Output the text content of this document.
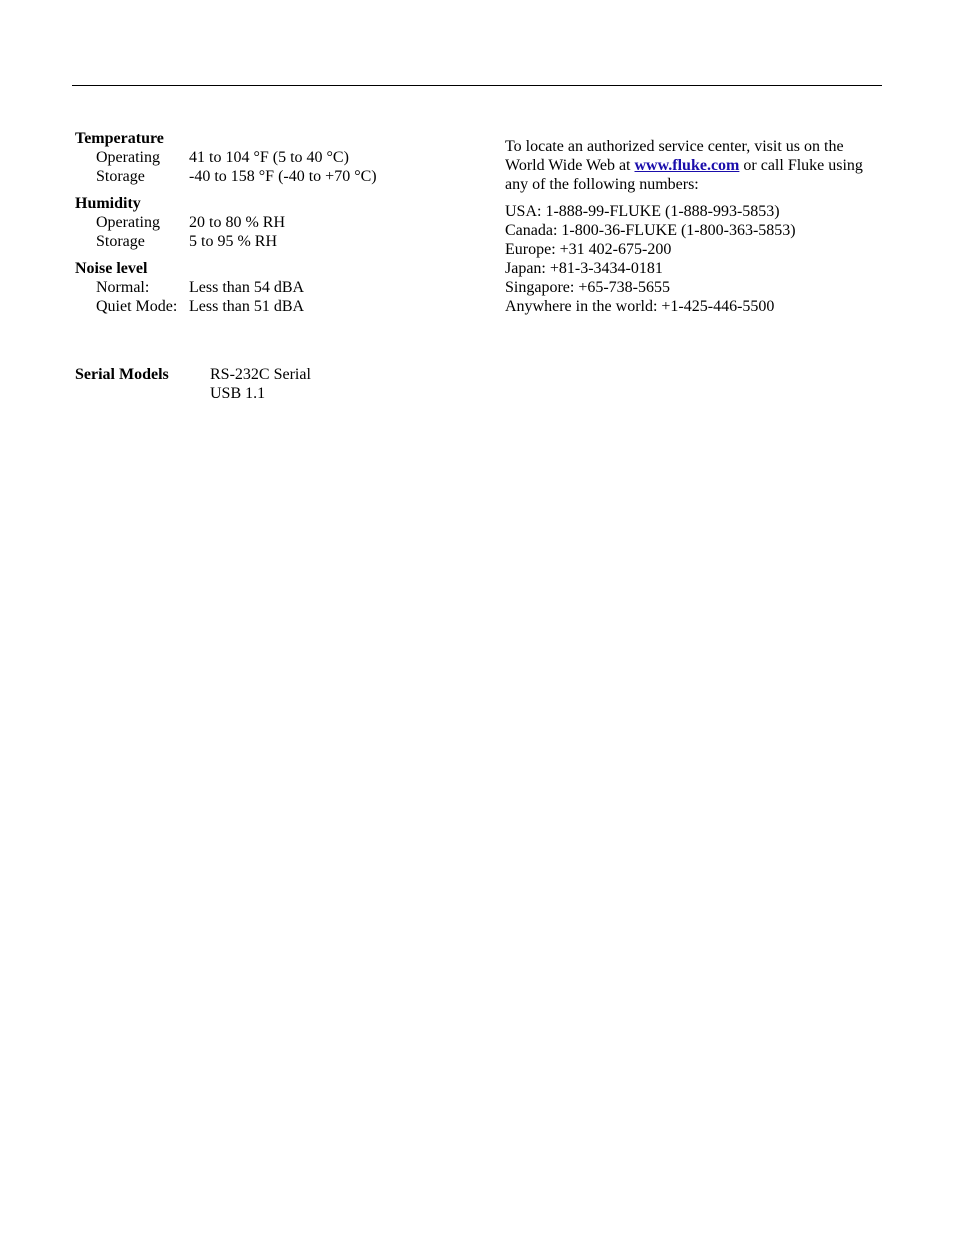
Temperature
Operating	41 to 104 °F (5 to 40 °C)
Storage	-40 to 158 °F (-40 to +70 °C)
Humidity
Operating	20 to 80 % RH
Storage	5 to 95 % RH
Noise level
Normal:	Less than 54 dBA
Quiet Mode: Less than 51 dBA
Serial Models	RS-232C Serial
USB 1.1

To locate an authorized service center, visit us on the World Wide Web at www.fluke.com or call Fluke using any of the following numbers:

USA: 1-888-99-FLUKE (1-888-993-5853)
Canada: 1-800-36-FLUKE (1-800-363-5853)
Europe: +31 402-675-200
Japan: +81-3-3434-0181
Singapore: +65-738-5655
Anywhere in the world: +1-425-446-5500
